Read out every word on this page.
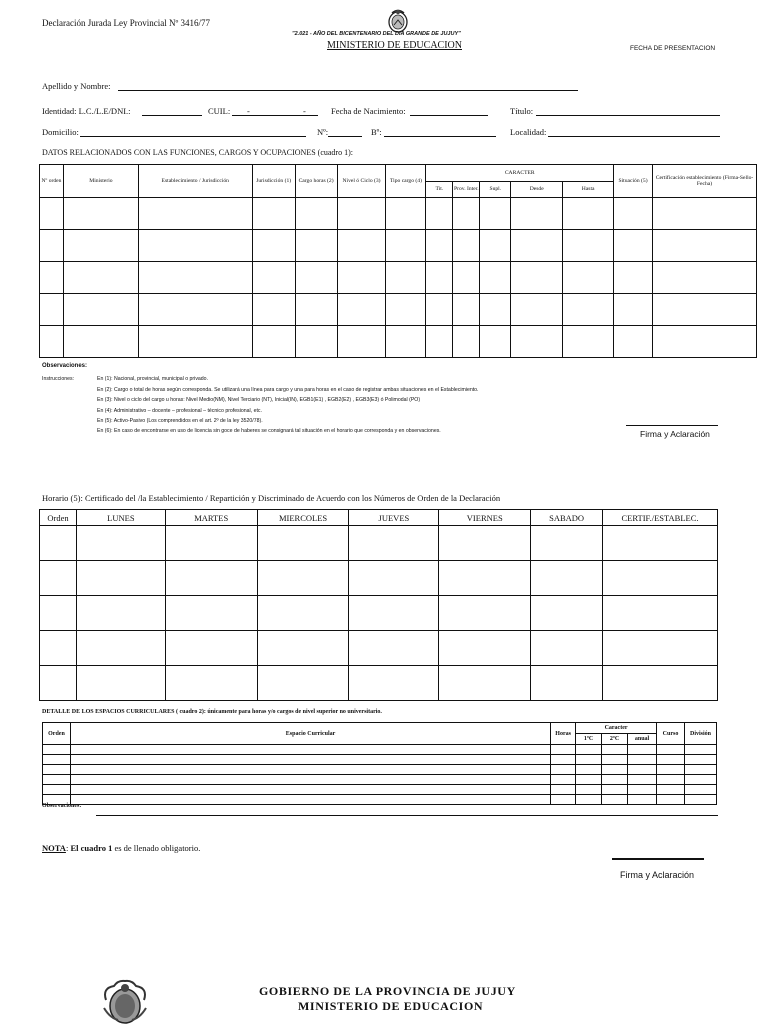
Declaración Jurada Ley Provincial Nº 3416/77
"2.021 - AÑO DEL BICENTENARIO DEL DIA GRANDE DE JUJUY"
MINISTERIO DE EDUCACION	FECHA DE PRESENTACION
Apellido y Nombre:
Identidad: L.C./L.E/DNI.:	CUIL: -	-	Fecha de Nacimiento:	Título:
Domicilio:	Nº:	Bº:	Localidad:
DATOS RELACIONADOS CON LAS FUNCIONES, CARGOS Y OCUPACIONES (cuadro 1):
Nº orden	Ministerio	Establecimiento / Jurisdicción	Jurisdicción (1)	Cargo horas (2)	Nivel ó Ciclo (3)	Tipo cargo (4)	CARACTER					Situación (5)	Certificación establecimiento (Firma-Sello-Fecha)
							Tit.	Prov. Inter.	Supl.	Desde	Hasta		

Observaciones:
Instrucciones:	En (1): Nacional, provincial, municipal o privado.
En (2): Cargo o total de horas según corresponda. Se utilizará una línea para cargo y una para horas en el caso de registrar ambas situaciones en el Establecimiento.
En (3): Nivel o ciclo del cargo u horas: Nivel Medio(NM), Nivel Terciario (NT), Inicial(IN), EGB1(E1) , EGB2(E2) , EGB3(E3) ó Polimodal (PO)
En (4): Administrativo – docente – profesional – técnico profesional, etc.
En (5): Activo-Pasivo (Los comprendidos en el art. 2º de la ley 3520/78).
En (6): En caso de encontrarse en uso de licencia sin goce de haberes se consignará tal situación en el horario que corresponda y en observaciones.	Firma y Aclaración
Horario (5): Certificado del /la Establecimiento / Repartición y Discriminado de Acuerdo con los Números de Orden de la Declaración
Orden	LUNES	MARTES	MIERCOLES	JUEVES	VIERNES	SABADO	CERTIF./ESTABLEC.

DETALLE DE LOS ESPACIOS CURRICULARES ( cuadro 2): únicamente para horas y/o cargos de nivel superior no universitario.
Orden	Espacio Curricular	Horas	Caracter			Curso	División
			1ºC	2ºC	anual		

Observaciones:
NOTA: El cuadro 1 es de llenado obligatorio.
Firma y Aclaración
GOBIERNO DE LA PROVINCIA DE JUJUY
MINISTERIO DE EDUCACION
